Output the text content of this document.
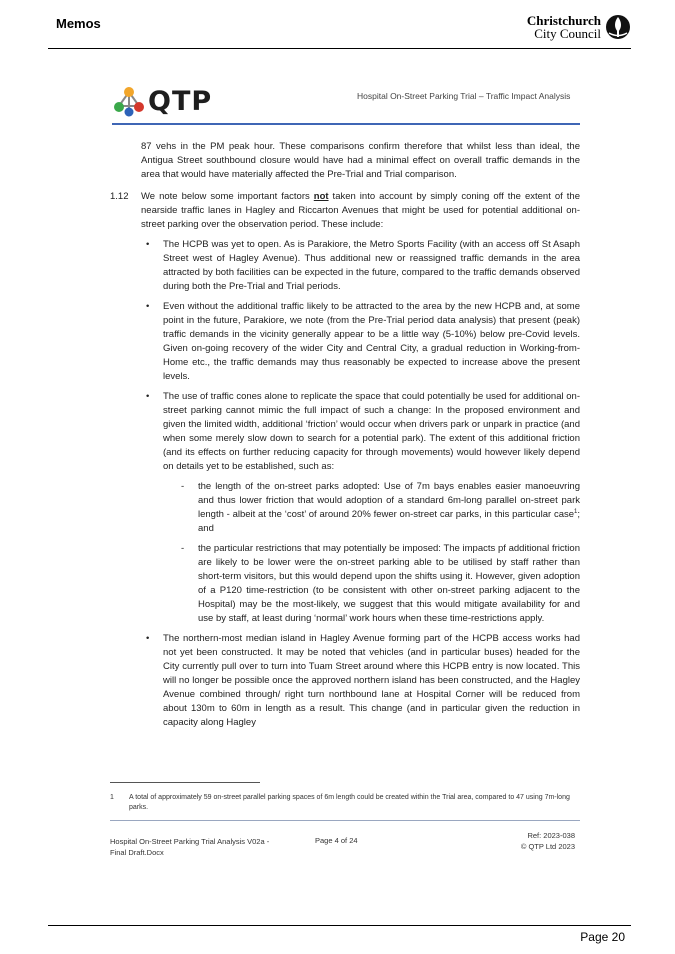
Memos	Christchurch
City Council
QTP	Hospital On-Street Parking Trial – Traffic Impact Analysis

87 vehs in the PM peak hour. These comparisons confirm therefore that whilst less than ideal, the Antigua Street southbound closure would have had a minimal effect on overall traffic demands in the area that would have materially affected the Pre-Trial and Trial comparison.

1.12 We note below some important factors not taken into account by simply coning off the extent of the nearside traffic lanes in Hagley and Riccarton Avenues that might be used for potential additional on-street parking over the observation period. These include:
• The HCPB was yet to open. As is Parakiore, the Metro Sports Facility (with an access off St Asaph Street west of Hagley Avenue). Thus additional new or reassigned traffic demands in the area attracted by both facilities can be expected in the future, compared to the traffic demands observed during both the Pre-Trial and Trial periods.
• Even without the additional traffic likely to be attracted to the area by the new HCPB and, at some point in the future, Parakiore, we note (from the Pre-Trial period data analysis) that present (peak) traffic demands in the vicinity generally appear to be a little way (5-10%) below pre-Covid levels. Given on-going recovery of the wider City and Central City, a gradual reduction in Working-from-Home etc., the traffic demands may thus reasonably be expected to increase above the present levels.
• The use of traffic cones alone to replicate the space that could potentially be used for additional on-street parking cannot mimic the full impact of such a change: In the proposed environment and given the limited width, additional ‘friction’ would occur when drivers park or unpark in practice (and when some merely slow down to search for a potential park). The extent of this additional friction (and its effects on further reducing capacity for through movements) would however likely depend on details yet to be established, such as:
- the length of the on-street parks adopted: Use of 7m bays enables easier manoeuvring and thus lower friction that would adoption of a standard 6m-long parallel on-street park length - albeit at the ‘cost’ of around 20% fewer on-street car parks, in this particular case$^1$; and
- the particular restrictions that may potentially be imposed: The impacts pf additional friction are likely to be lower were the on-street parking able to be utilised by staff rather than short-term visitors, but this would depend upon the shifts using it. However, given adoption of a P120 time-restriction (to be consistent with other on-street parking adjacent to the Hospital) may be the most-likely, we suggest that this would mitigate availability for and use by staff, at least during ‘normal’ work hours when these time-restrictions apply.
• The northern-most median island in Hagley Avenue forming part of the HCPB access works had not yet been constructed. It may be noted that vehicles (and in particular buses) headed for the City currently pull over to turn into Tuam Street around where this HCPB entry is now located. This will no longer be possible once the approved northern island has been constructed, and the Hagley Avenue combined through/ right turn northbound lane at Hospital Corner will be reduced from about 130m to 60m in length as a result. This change (and in particular given the reduction in capacity along Hagley
1 A total of approximately 59 on-street parallel parking spaces of 6m length could be created within the Trial area, compared to 47 using 7m-long parks.
Hospital On-Street Parking Trial Analysis V02a -
Final Draft.Docx
Page 4 of 24
Ref: 2023-038
© QTP Ltd 2023
Page 20
